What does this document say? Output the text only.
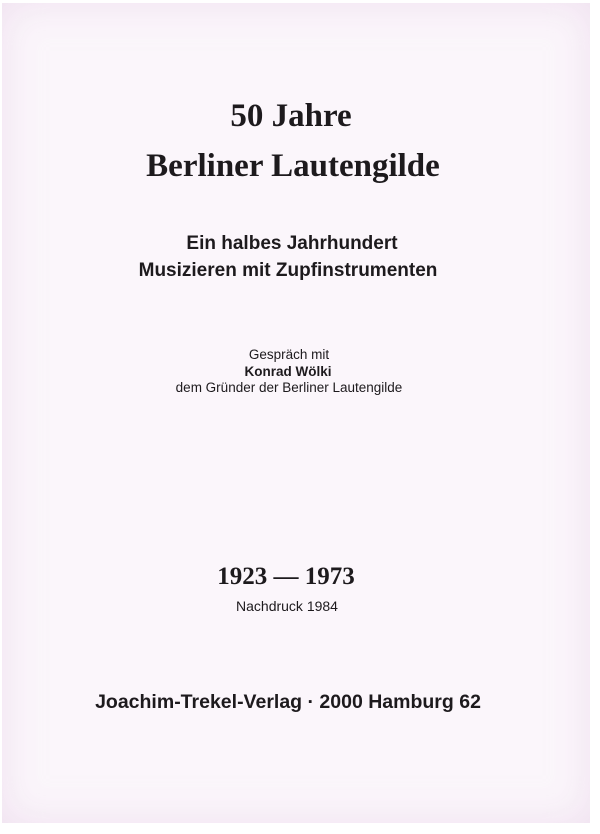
50 Jahre
Berliner Lautengilde
Ein halbes Jahrhundert
Musizieren mit Zupfinstrumenten
Gespräch mit
Konrad Wölki
dem Gründer der Berliner Lautengilde
1923 — 1973
Nachdruck 1984
Joachim-Trekel-Verlag · 2000 Hamburg 62
